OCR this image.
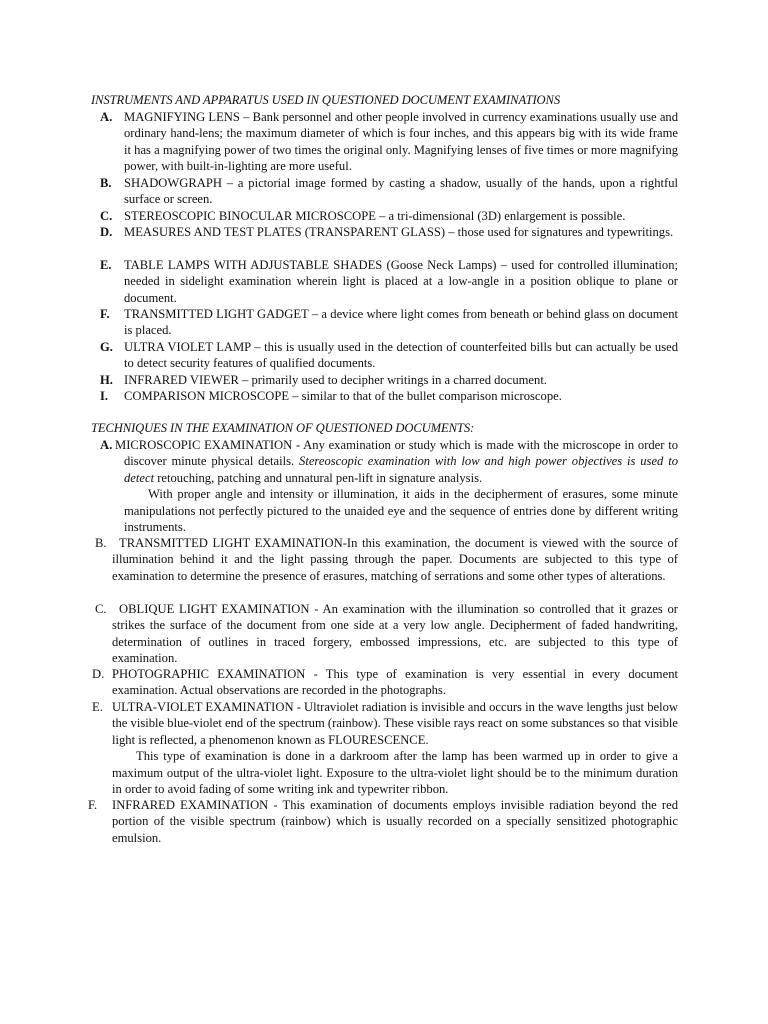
INSTRUMENTS AND APPARATUS USED IN QUESTIONED DOCUMENT EXAMINATIONS
A. MAGNIFYING LENS – Bank personnel and other people involved in currency examinations usually use and ordinary hand-lens; the maximum diameter of which is four inches, and this appears big with its wide frame it has a magnifying power of two times the original only. Magnifying lenses of five times or more magnifying power, with built-in-lighting are more useful.
B. SHADOWGRAPH – a pictorial image formed by casting a shadow, usually of the hands, upon a rightful surface or screen.
C. STEREOSCOPIC BINOCULAR MICROSCOPE – a tri-dimensional (3D) enlargement is possible.
D. MEASURES AND TEST PLATES (TRANSPARENT GLASS) – those used for signatures and typewritings.
E. TABLE LAMPS WITH ADJUSTABLE SHADES (Goose Neck Lamps) – used for controlled illumination; needed in sidelight examination wherein light is placed at a low-angle in a position oblique to plane or document.
F. TRANSMITTED LIGHT GADGET – a device where light comes from beneath or behind glass on document is placed.
G. ULTRA VIOLET LAMP – this is usually used in the detection of counterfeited bills but can actually be used to detect security features of qualified documents.
H. INFRARED VIEWER – primarily used to decipher writings in a charred document.
I. COMPARISON MICROSCOPE – similar to that of the bullet comparison microscope.
TECHNIQUES IN THE EXAMINATION OF QUESTIONED DOCUMENTS:
A. MICROSCOPIC EXAMINATION - Any examination or study which is made with the microscope in order to discover minute physical details. Stereoscopic examination with low and high power objectives is used to detect retouching, patching and unnatural pen-lift in signature analysis.
With proper angle and intensity or illumination, it aids in the decipherment of erasures, some minute manipulations not perfectly pictured to the unaided eye and the sequence of entries done by different writing instruments.
B. TRANSMITTED LIGHT EXAMINATION-In this examination, the document is viewed with the source of illumination behind it and the light passing through the paper. Documents are subjected to this type of examination to determine the presence of erasures, matching of serrations and some other types of alterations.
C. OBLIQUE LIGHT EXAMINATION - An examination with the illumination so controlled that it grazes or strikes the surface of the document from one side at a very low angle. Decipherment of faded handwriting, determination of outlines in traced forgery, embossed impressions, etc. are subjected to this type of examination.
D. PHOTOGRAPHIC EXAMINATION - This type of examination is very essential in every document examination. Actual observations are recorded in the photographs.
E. ULTRA-VIOLET EXAMINATION - Ultraviolet radiation is invisible and occurs in the wave lengths just below the visible blue-violet end of the spectrum (rainbow). These visible rays react on some substances so that visible light is reflected, a phenomenon known as FLOURESCENCE.
This type of examination is done in a darkroom after the lamp has been warmed up in order to give a maximum output of the ultra-violet light. Exposure to the ultra-violet light should be to the minimum duration in order to avoid fading of some writing ink and typewriter ribbon.
F. INFRARED EXAMINATION - This examination of documents employs invisible radiation beyond the red portion of the visible spectrum (rainbow) which is usually recorded on a specially sensitized photographic emulsion.
